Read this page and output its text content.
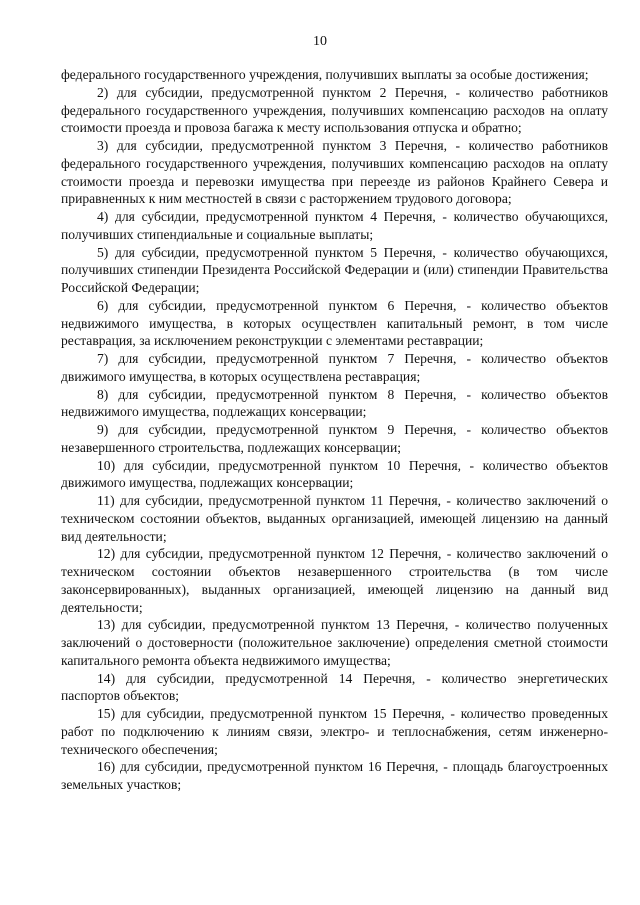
10

федерального государственного учреждения, получивших выплаты за особые достижения;

2) для субсидии, предусмотренной пунктом 2 Перечня, - количество работников федерального государственного учреждения, получивших компенсацию расходов на оплату стоимости проезда и провоза багажа к месту использования отпуска и обратно;

3) для субсидии, предусмотренной пунктом 3 Перечня, - количество работников федерального государственного учреждения, получивших компенсацию расходов на оплату стоимости проезда и перевозки имущества при переезде из районов Крайнего Севера и приравненных к ним местностей в связи с расторжением трудового договора;

4) для субсидии, предусмотренной пунктом 4 Перечня, - количество обучающихся, получивших стипендиальные и социальные выплаты;

5) для субсидии, предусмотренной пунктом 5 Перечня, - количество обучающихся, получивших стипендии Президента Российской Федерации и (или) стипендии Правительства Российской Федерации;

6) для субсидии, предусмотренной пунктом 6 Перечня, - количество объектов недвижимого имущества, в которых осуществлен капитальный ремонт, в том числе реставрация, за исключением реконструкции с элементами реставрации;

7) для субсидии, предусмотренной пунктом 7 Перечня, - количество объектов движимого имущества, в которых осуществлена реставрация;

8) для субсидии, предусмотренной пунктом 8 Перечня, - количество объектов недвижимого имущества, подлежащих консервации;

9) для субсидии, предусмотренной пунктом 9 Перечня, - количество объектов незавершенного строительства, подлежащих консервации;

10) для субсидии, предусмотренной пунктом 10 Перечня, - количество объектов движимого имущества, подлежащих консервации;

11) для субсидии, предусмотренной пунктом 11 Перечня, - количество заключений о техническом состоянии объектов, выданных организацией, имеющей лицензию на данный вид деятельности;

12) для субсидии, предусмотренной пунктом 12 Перечня, - количество заключений о техническом состоянии объектов незавершенного строительства (в том числе законсервированных), выданных организацией, имеющей лицензию на данный вид деятельности;

13) для субсидии, предусмотренной пунктом 13 Перечня, - количество полученных заключений о достоверности (положительное заключение) определения сметной стоимости капитального ремонта объекта недвижимого имущества;

14) для субсидии, предусмотренной 14 Перечня, - количество энергетических паспортов объектов;

15) для субсидии, предусмотренной пунктом 15 Перечня, - количество проведенных работ по подключению к линиям связи, электро- и теплоснабжения, сетям инженерно-технического обеспечения;

16) для субсидии, предусмотренной пунктом 16 Перечня, - площадь благоустроенных земельных участков;
